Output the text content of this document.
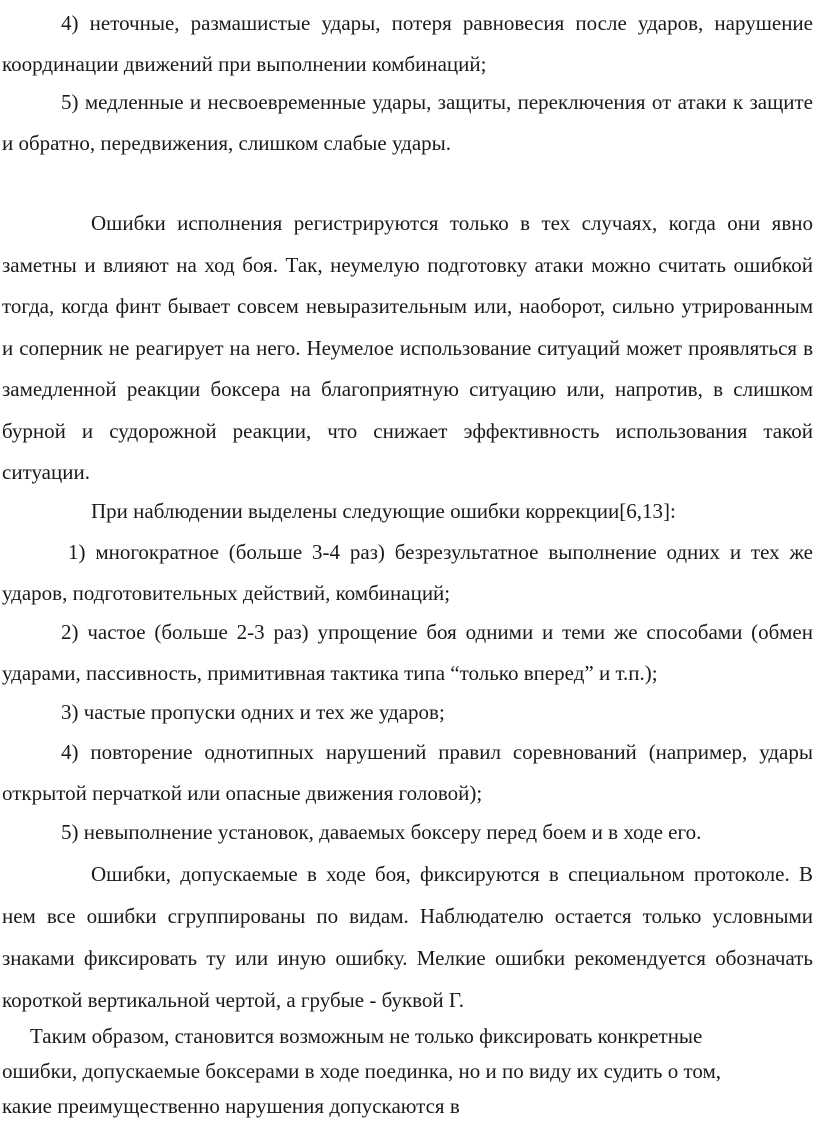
4) неточные, размашистые удары, потеря равновесия после ударов, нарушение координации движений при выполнении комбинаций;

5) медленные и несвоевременные удары, защиты, переключения от атаки к защите и обратно, передвижения, слишком слабые удары.

Ошибки исполнения регистрируются только в тех случаях, когда они явно заметны и влияют на ход боя. Так, неумелую подготовку атаки можно считать ошибкой тогда, когда финт бывает совсем невыразительным или, наоборот, сильно утрированным и соперник не реагирует на него. Неумелое использование ситуаций может проявляться в замедленной реакции боксера на благоприятную ситуацию или, напротив, в слишком бурной и судорожной реакции, что снижает эффективность использования такой ситуации.

При наблюдении выделены следующие ошибки коррекции[6,13]:

1) многократное (больше 3-4 раз) безрезультатное выполнение одних и тех же ударов, подготовительных действий, комбинаций;

2) частое (больше 2-3 раз) упрощение боя одними и теми же способами (обмен ударами, пассивность, примитивная тактика типа “только вперед” и т.п.);

3) частые пропуски одних и тех же ударов;

4) повторение однотипных нарушений правил соревнований (например, удары открытой перчаткой или опасные движения головой);

5) невыполнение установок, даваемых боксеру перед боем и в ходе его.

Ошибки, допускаемые в ходе боя, фиксируются в специальном протоколе. В нем все ошибки сгруппированы по видам. Наблюдателю остается только условными знаками фиксировать ту или иную ошибку. Мелкие ошибки рекомендуется обозначать короткой вертикальной чертой, а грубые - буквой Г.

Таким образом, становится возможным не только фиксировать конкретные ошибки, допускаемые боксерами в ходе поединка, но и по виду их судить о том, какие преимущественно нарушения допускаются в
